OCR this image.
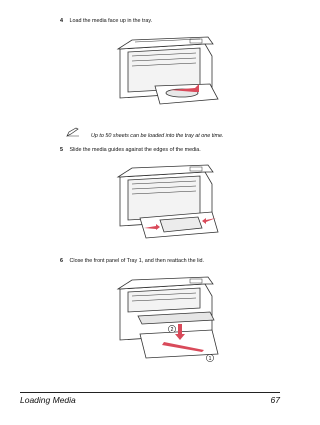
4 Load the media face up in the tray.
Up to 50 sheets can be loaded into the tray at one time.
5 Slide the media guides against the edges of the media.
6 Close the front panel of Tray 1, and then reattach the lid.
2
1
Loading Media	67
